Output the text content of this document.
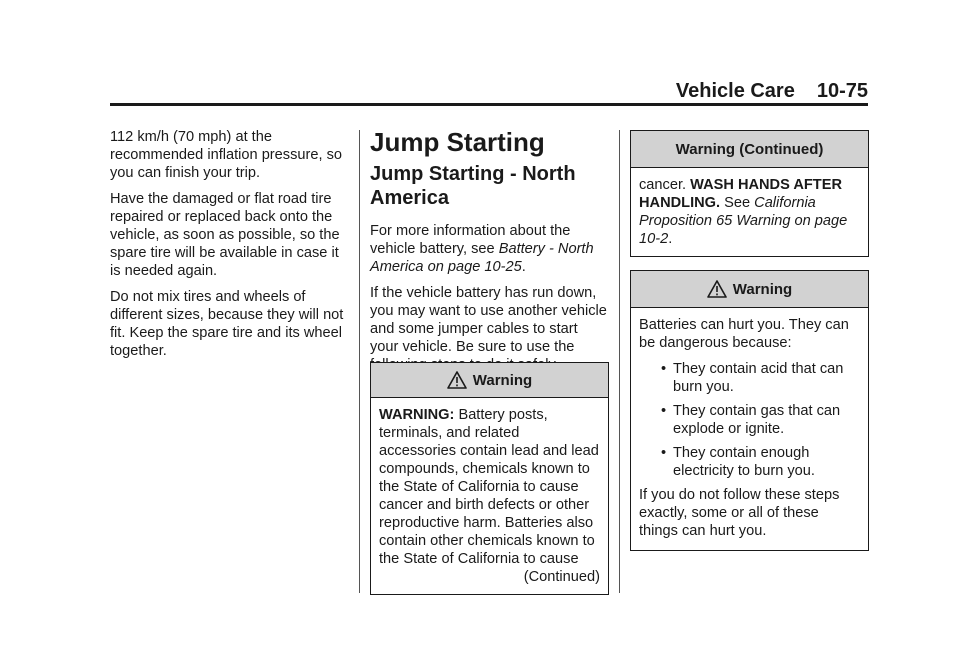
Vehicle Care 10-75

112 km/h (70 mph) at the recommended inflation pressure, so you can finish your trip.

Have the damaged or flat road tire repaired or replaced back onto the vehicle, as soon as possible, so the spare tire will be available in case it is needed again.

Do not mix tires and wheels of different sizes, because they will not fit. Keep the spare tire and its wheel together.

Jump Starting
Jump Starting - North America

For more information about the vehicle battery, see Battery - North America on page 10-25.

If the vehicle battery has run down, you may want to use another vehicle and some jumper cables to start your vehicle. Be sure to use the

Warning
WARNING: Battery posts, terminals, and related accessories contain lead and lead compounds, chemicals known to the State of California to cause cancer and birth defects or other reproductive harm. Batteries also contain other chemicals known to the State of California to cause
(Continued)
Warning (Continued)
cancer. WASH HANDS AFTER HANDLING. See California Proposition 65 Warning on page 10-2.
Warning

Batteries can hurt you. They can be dangerous because:

• They contain acid that can burn you.
• They contain gas that can explode or ignite.
• They contain enough electricity to burn you.

If you do not follow these steps exactly, some or all of these things can hurt you.
